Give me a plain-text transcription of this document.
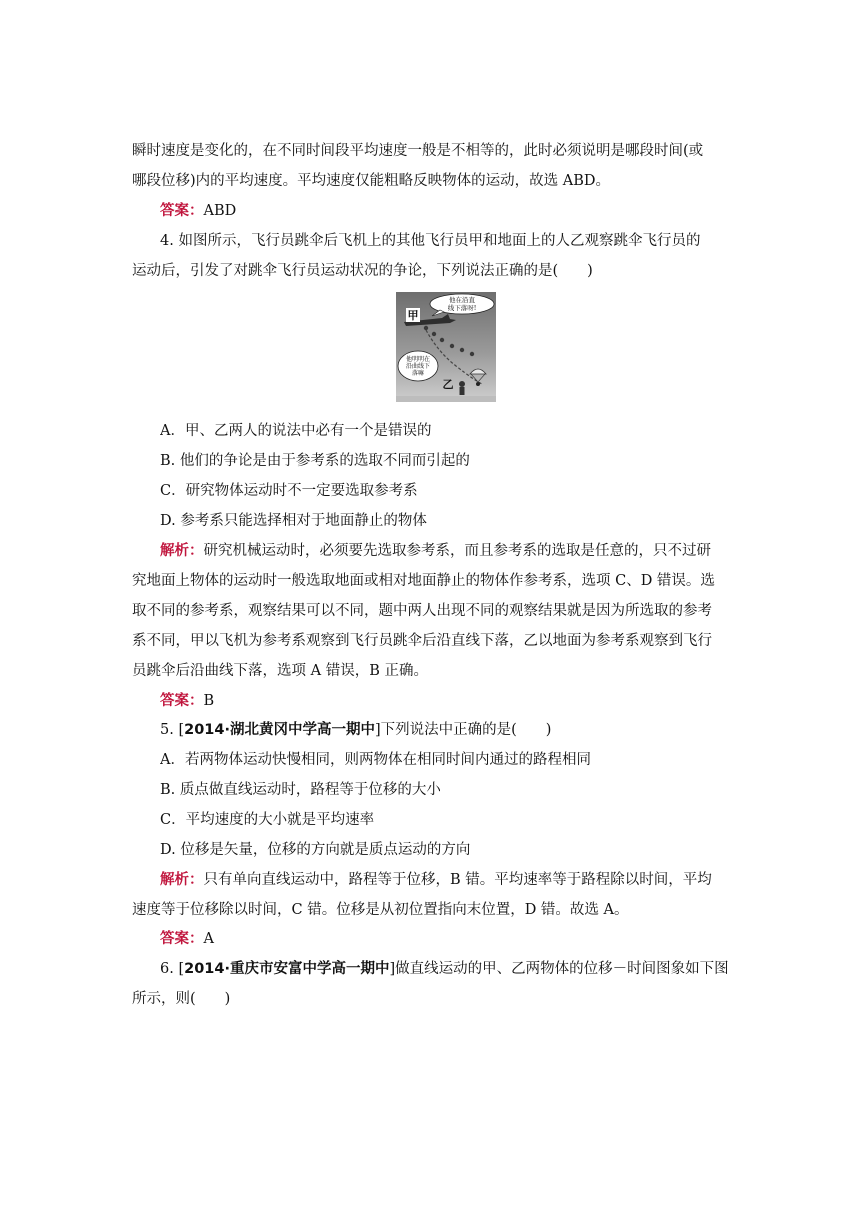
瞬时速度是变化的，在不同时间段平均速度一般是不相等的，此时必须说明是哪段时间(或
哪段位移)内的平均速度。平均速度仅能粗略反映物体的运动，故选 ABD。
答案：ABD
4. 如图所示，飞行员跳伞后飞机上的其他飞行员甲和地面上的人乙观察跳伞飞行员的
运动后，引发了对跳伞飞行员运动状况的争论，下列说法正确的是(　　)
他在沿直
线下落呀!
甲
他明明在
沿曲线下
落嘛
乙
A．甲、乙两人的说法中必有一个是错误的
B. 他们的争论是由于参考系的选取不同而引起的
C．研究物体运动时不一定要选取参考系
D. 参考系只能选择相对于地面静止的物体
解析：研究机械运动时，必须要先选取参考系，而且参考系的选取是任意的，只不过研
究地面上物体的运动时一般选取地面或相对地面静止的物体作参考系，选项 C、D 错误。选
取不同的参考系，观察结果可以不同，题中两人出现不同的观察结果就是因为所选取的参考
系不同，甲以飞机为参考系观察到飞行员跳伞后沿直线下落，乙以地面为参考系观察到飞行
员跳伞后沿曲线下落，选项 A 错误，B 正确。
答案：B
5. [2014·湖北黄冈中学高一期中]下列说法中正确的是(　　)
A．若两物体运动快慢相同，则两物体在相同时间内通过的路程相同
B. 质点做直线运动时，路程等于位移的大小
C．平均速度的大小就是平均速率
D. 位移是矢量，位移的方向就是质点运动的方向
解析：只有单向直线运动中，路程等于位移，B 错。平均速率等于路程除以时间，平均
速度等于位移除以时间，C 错。位移是从初位置指向末位置，D 错。故选 A。
答案：A
6. [2014·重庆市安富中学高一期中]做直线运动的甲、乙两物体的位移－时间图象如下图
所示，则(　　)
